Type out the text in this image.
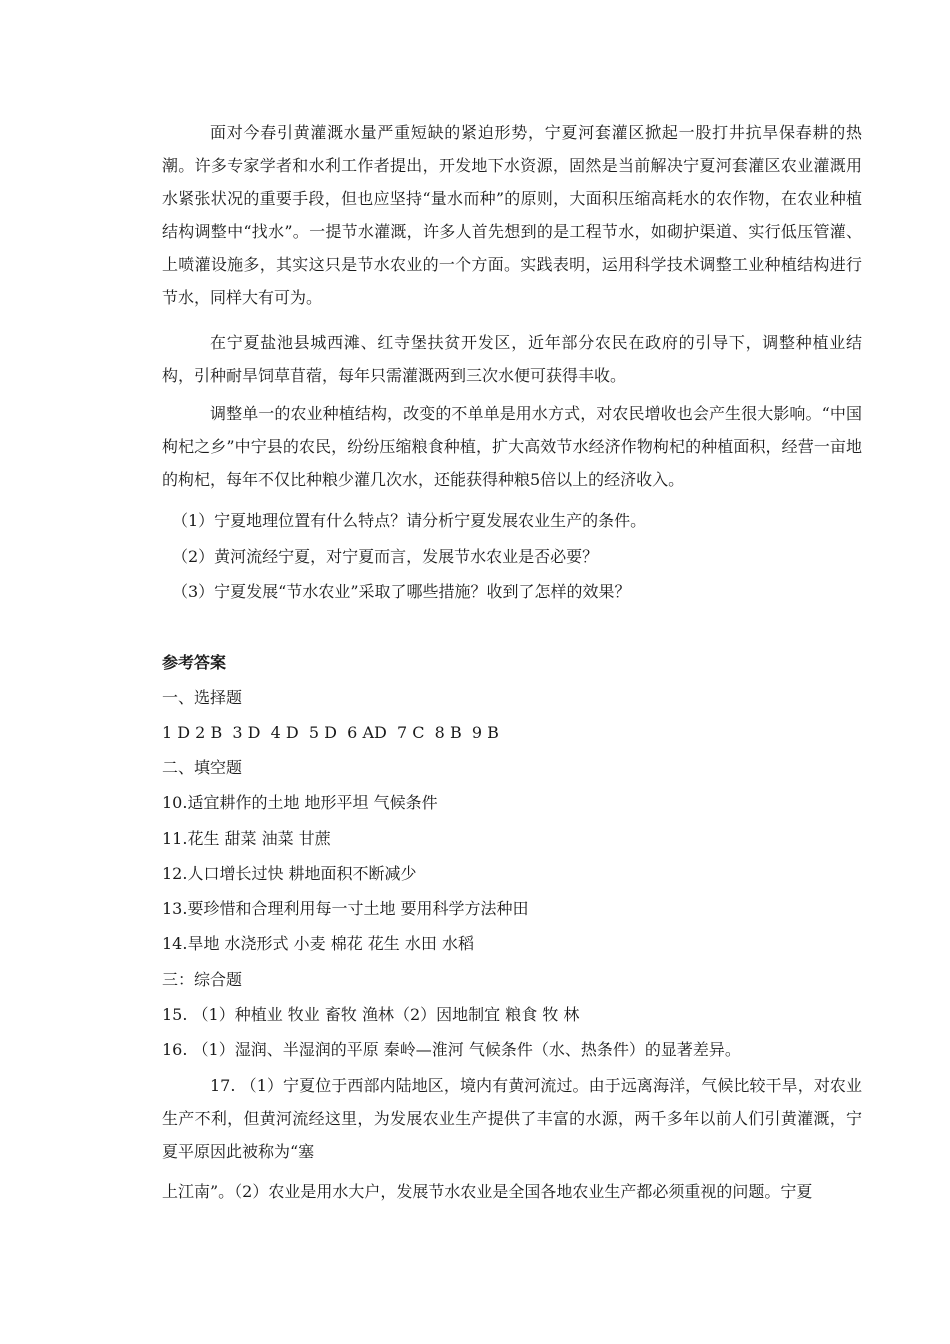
面对今春引黄灌溉水量严重短缺的紧迫形势，宁夏河套灌区掀起一股打井抗旱保春耕的热潮。许多专家学者和水利工作者提出，开发地下水资源，固然是当前解决宁夏河套灌区农业灌溉用水紧张状况的重要手段，但也应坚持“量水而种”的原则，大面积压缩高耗水的农作物，在农业种植结构调整中“找水”。一提节水灌溉，许多人首先想到的是工程节水，如砌护渠道、实行低压管灌、上喷灌设施多，其实这只是节水农业的一个方面。实践表明，运用科学技术调整工业种植结构进行节水，同样大有可为。

在宁夏盐池县城西滩、红寺堡扶贫开发区，近年部分农民在政府的引导下，调整种植业结构，引种耐旱饲草苜蓿，每年只需灌溉两到三次水便可获得丰收。

调整单一的农业种植结构，改变的不单单是用水方式，对农民增收也会产生很大影响。“中国枸杞之乡”中宁县的农民，纷纷压缩粮食种植，扩大高效节水经济作物枸杞的种植面积，经营一亩地的枸杞，每年不仅比种粮少灌几次水，还能获得种粮5倍以上的经济收入。

（1）宁夏地理位置有什么特点？请分析宁夏发展农业生产的条件。

（2）黄河流经宁夏，对宁夏而言，发展节水农业是否必要？

（3）宁夏发展“节水农业”采取了哪些措施？收到了怎样的效果？

参考答案

一、选择题

1 D 2 B  3 D  4 D  5 D  6 AD  7 C  8 B  9 B

二、填空题

10.适宜耕作的土地 地形平坦 气候条件

11.花生 甜菜 油菜 甘蔗

12.人口增长过快 耕地面积不断减少

13.要珍惜和合理利用每一寸土地 要用科学方法种田

14.旱地 水浇形式 小麦 棉花 花生 水田 水稻

三：综合题

15. （1）种植业 牧业 畜牧 渔林（2）因地制宜 粮食 牧 林

16. （1）湿润、半湿润的平原 秦岭—淮河 气候条件（水、热条件）的显著差异。

17. （1）宁夏位于西部内陆地区，境内有黄河流过。由于远离海洋，气候比较干旱，对农业生产不利，但黄河流经这里，为发展农业生产提供了丰富的水源，两千多年以前人们引黄灌溉，宁夏平原因此被称为“塞

上江南”。（2）农业是用水大户，发展节水农业是全国各地农业生产都必须重视的问题。宁夏
